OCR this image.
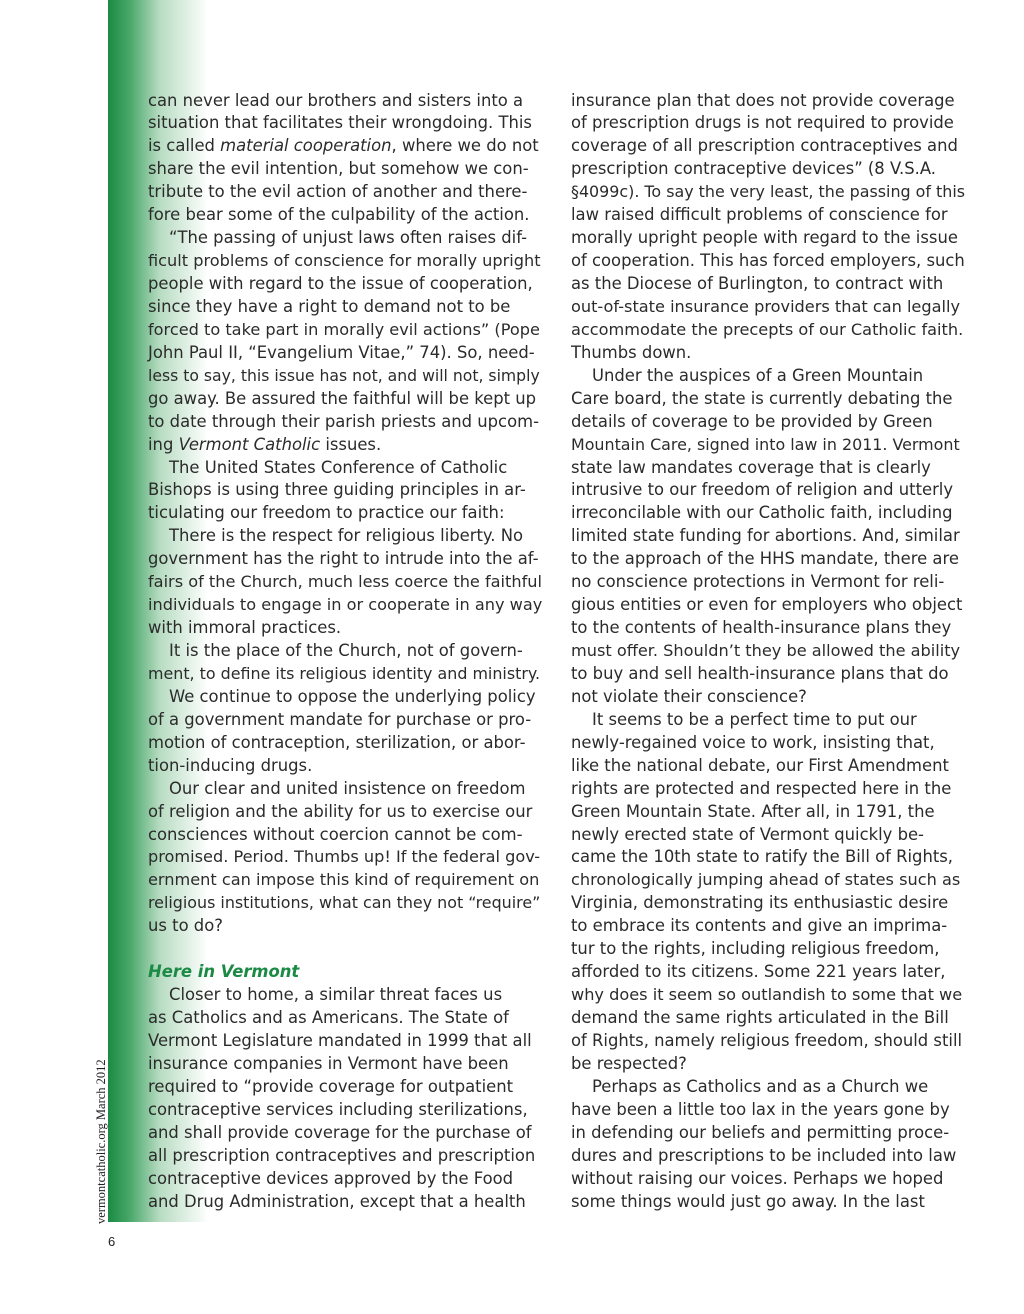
vermontcatholic.org March 2012
6
can never lead our brothers and sisters into a
situation that facilitates their wrongdoing. This
is called material cooperation, where we do not
share the evil intention, but somehow we con-
tribute to the evil action of another and there-
fore bear some of the culpability of the action.
“The passing of unjust laws often raises dif-
ficult problems of conscience for morally upright
people with regard to the issue of cooperation,
since they have a right to demand not to be
forced to take part in morally evil actions” (Pope
John Paul II, “Evangelium Vitae,” 74). So, need-
less to say, this issue has not, and will not, simply
go away. Be assured the faithful will be kept up
to date through their parish priests and upcom-
ing Vermont Catholic issues.
The United States Conference of Catholic
Bishops is using three guiding principles in ar-
ticulating our freedom to practice our faith:
There is the respect for religious liberty. No
government has the right to intrude into the af-
fairs of the Church, much less coerce the faithful
individuals to engage in or cooperate in any way
with immoral practices.
It is the place of the Church, not of govern-
ment, to define its religious identity and ministry.
We continue to oppose the underlying policy
of a government mandate for purchase or pro-
motion of contraception, sterilization, or abor-
tion-inducing drugs.
Our clear and united insistence on freedom
of religion and the ability for us to exercise our
consciences without coercion cannot be com-
promised. Period. Thumbs up! If the federal gov-
ernment can impose this kind of requirement on
religious institutions, what can they not “require”
us to do?
Here in Vermont
Closer to home, a similar threat faces us
as Catholics and as Americans. The State of
Vermont Legislature mandated in 1999 that all
insurance companies in Vermont have been
required to “provide coverage for outpatient
contraceptive services including sterilizations,
and shall provide coverage for the purchase of
all prescription contraceptives and prescription
contraceptive devices approved by the Food
and Drug Administration, except that a health
insurance plan that does not provide coverage
of prescription drugs is not required to provide
coverage of all prescription contraceptives and
prescription contraceptive devices” (8 V.S.A.
§4099c). To say the very least, the passing of this
law raised difficult problems of conscience for
morally upright people with regard to the issue
of cooperation. This has forced employers, such
as the Diocese of Burlington, to contract with
out-of-state insurance providers that can legally
accommodate the precepts of our Catholic faith.
Thumbs down.
Under the auspices of a Green Mountain
Care board, the state is currently debating the
details of coverage to be provided by Green
Mountain Care, signed into law in 2011. Vermont
state law mandates coverage that is clearly
intrusive to our freedom of religion and utterly
irreconcilable with our Catholic faith, including
limited state funding for abortions. And, similar
to the approach of the HHS mandate, there are
no conscience protections in Vermont for reli-
gious entities or even for employers who object
to the contents of health-insurance plans they
must offer. Shouldn’t they be allowed the ability
to buy and sell health-insurance plans that do
not violate their conscience?
It seems to be a perfect time to put our
newly-regained voice to work, insisting that,
like the national debate, our First Amendment
rights are protected and respected here in the
Green Mountain State. After all, in 1791, the
newly erected state of Vermont quickly be-
came the 10th state to ratify the Bill of Rights,
chronologically jumping ahead of states such as
Virginia, demonstrating its enthusiastic desire
to embrace its contents and give an imprima-
tur to the rights, including religious freedom,
afforded to its citizens. Some 221 years later,
why does it seem so outlandish to some that we
demand the same rights articulated in the Bill
of Rights, namely religious freedom, should still
be respected?
Perhaps as Catholics and as a Church we
have been a little too lax in the years gone by
in defending our beliefs and permitting proce-
dures and prescriptions to be included into law
without raising our voices. Perhaps we hoped
some things would just go away. In the last
